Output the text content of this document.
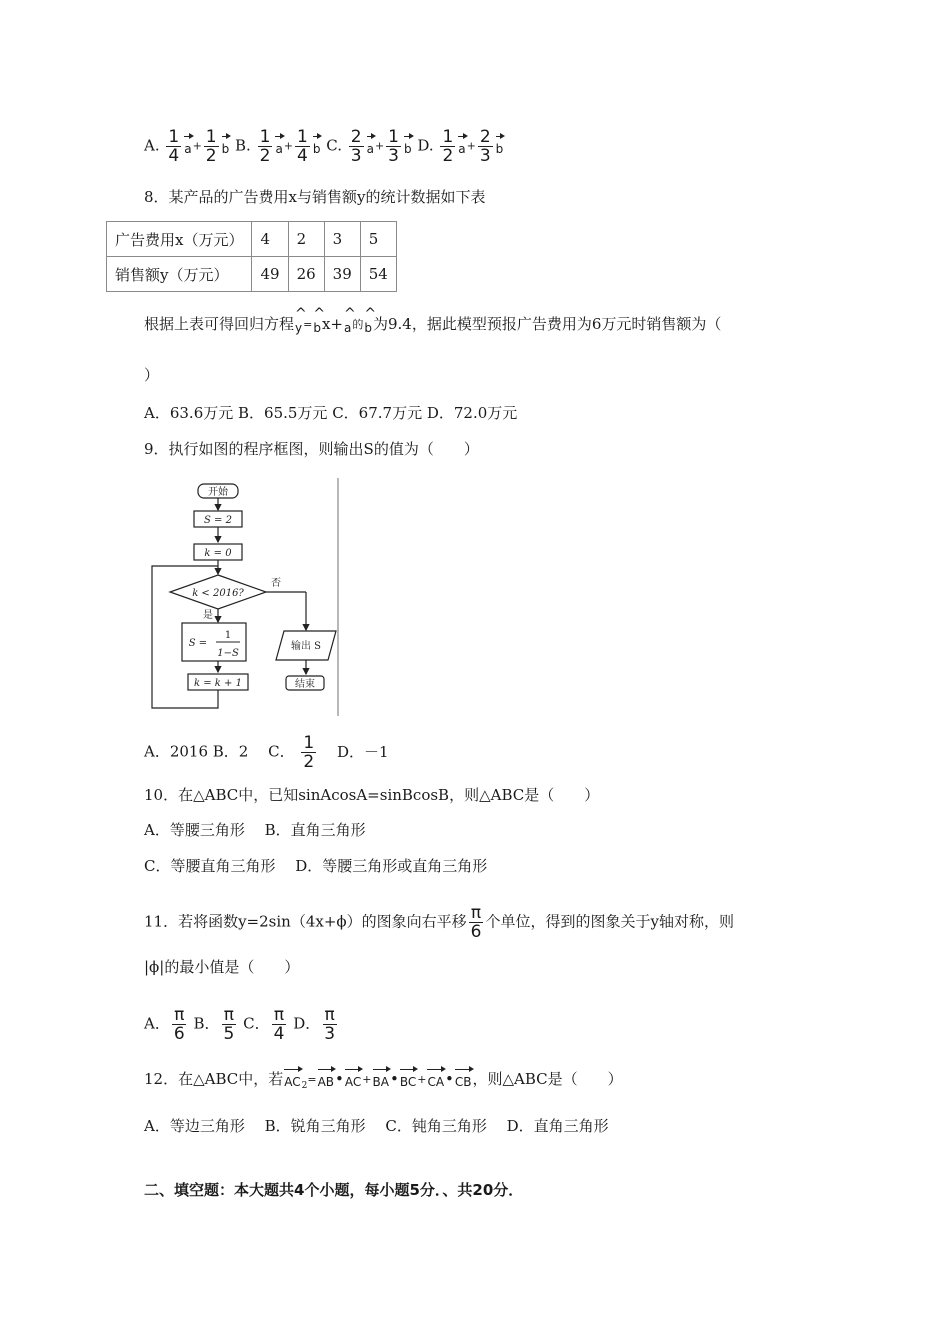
A. $\frac{1}{4} a+ \frac{1}{2}$ b B. $\frac{1}{2} a+ \frac{1}{4}$ b C. $\frac{2}{3} a+ \frac{1}{3}$ b D. $\frac{1}{2} a+ \frac{2}{3}$ b
8．某产品的广告费用x与销售额y的统计数据如下表
广告费用x（万元）	4	2	3	5
销售额y（万元）	49	26	39	54
根据上表可得回归方程^ y=^ bx+^ a的^ b为9.4，据此模型预报广告费用为6万元时销售额为（
）
A．63.6万元 B．65.5万元 C．67.7万元 D．72.0万元
9．执行如图的程序框图，则输出S的值为（　　）
开始
S = 2
k = 0
k < 2016?
否
是
S =
1
1−S
k = k + 1
输出 S
结束
A．2016 B．2　 C． $\frac{1}{2}$ D．－1
10．在△ABC中，已知sinAcosA=sinBcosB，则△ABC是（　　）
A．等腰三角形　 B．直角三角形
C．等腰直角三角形　 D．等腰三角形或直角三角形
11．若将函数y=2sin（4x+ϕ）的图象向右平移 $\frac{\pi}{6}$ 个单位，得到的图象关于y轴对称，则
|ϕ|的最小值是（　　）
A． $\frac{\pi}{6}$ B． $\frac{\pi}{5}$ C． $\frac{\pi}{4}$ D． $\frac{\pi}{3}$
12．在△ABC中，若$AC_2=AB•AC+BA•BC+CA•CB$，则△ABC是（　　）
A．等边三角形　 B．锐角三角形　 C．钝角三角形　 D．直角三角形
二、填空题：本大题共4个小题，每小题5分．、共20分．
